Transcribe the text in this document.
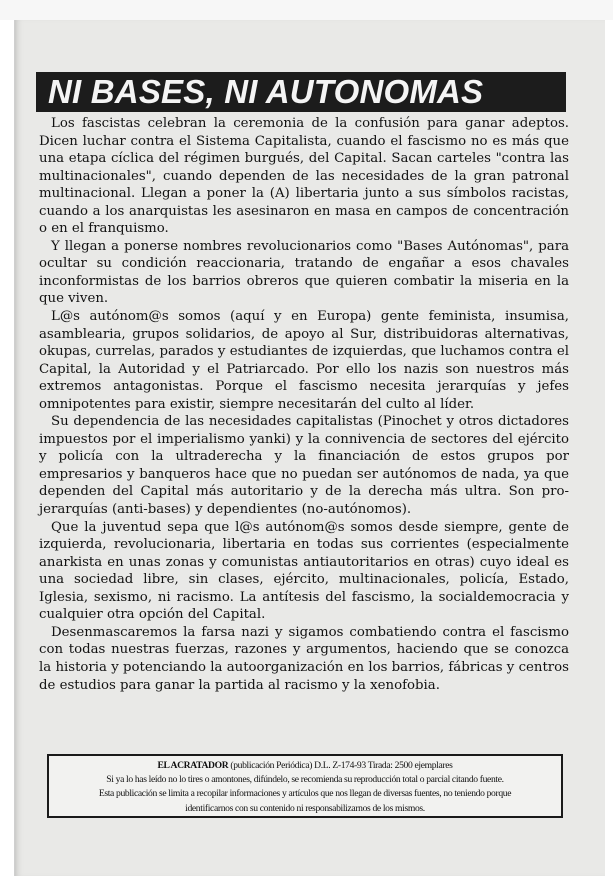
NI BASES, NI AUTONOMAS

Los fascistas celebran la ceremonia de la confusión para ganar adeptos. Dicen luchar contra el Sistema Capitalista, cuando el fascismo no es más que una etapa cíclica del régimen burgués, del Capital. Sacan carteles "contra las multinacionales", cuando dependen de las necesidades de la gran patronal multinacional. Llegan a poner la (A) libertaria junto a sus símbolos racistas, cuando a los anarquistas les asesinaron en masa en campos de concentración o en el franquismo.

Y llegan a ponerse nombres revolucionarios como "Bases Autónomas", para ocultar su condición reaccionaria, tratando de engañar a esos chavales inconformistas de los barrios obreros que quieren combatir la miseria en la que viven.

L@s autónom@s somos (aquí y en Europa) gente feminista, insumisa, asamblearia, grupos solidarios, de apoyo al Sur, distribuidoras alternativas, okupas, currelas, parados y estudiantes de izquierdas, que luchamos contra el Capital, la Autoridad y el Patriarcado. Por ello los nazis son nuestros más extremos antagonistas. Porque el fascismo necesita jerarquías y jefes omnipotentes para existir, siempre necesitarán del culto al líder.

Su dependencia de las necesidades capitalistas (Pinochet y otros dictadores impuestos por el imperialismo yanki) y la connivencia de sectores del ejército y policía con la ultraderecha y la financiación de estos grupos por empresarios y banqueros hace que no puedan ser autónomos de nada, ya que dependen del Capital más autoritario y de la derecha más ultra. Son pro-jerarquías (anti-bases) y dependientes (no-autónomos).

Que la juventud sepa que l@s autónom@s somos desde siempre, gente de izquierda, revolucionaria, libertaria en todas sus corrientes (especialmente anarkista en unas zonas y comunistas antiautoritarios en otras) cuyo ideal es una sociedad libre, sin clases, ejército, multinacionales, policía, Estado, Iglesia, sexismo, ni racismo. La antítesis del fascismo, la socialdemocracia y cualquier otra opción del Capital.

Desenmascaremos la farsa nazi y sigamos combatiendo contra el fascismo con todas nuestras fuerzas, razones y argumentos, haciendo que se conozca la historia y potenciando la autoorganización en los barrios, fábricas y centros de estudios para ganar la partida al racismo y la xenofobia.

EL ACRATADOR (publicación Periódica) D.L. Z-174-93 Tirada: 2500 ejemplares
Si ya lo has leído no lo tires o amontones, difúndelo, se recomienda su reproducción total o parcial citando fuente.
Esta publicación se limita a recopilar informaciones y artículos que nos llegan de diversas fuentes, no teniendo porque
identificarnos con su contenido ni responsabilizarnos de los mismos.
